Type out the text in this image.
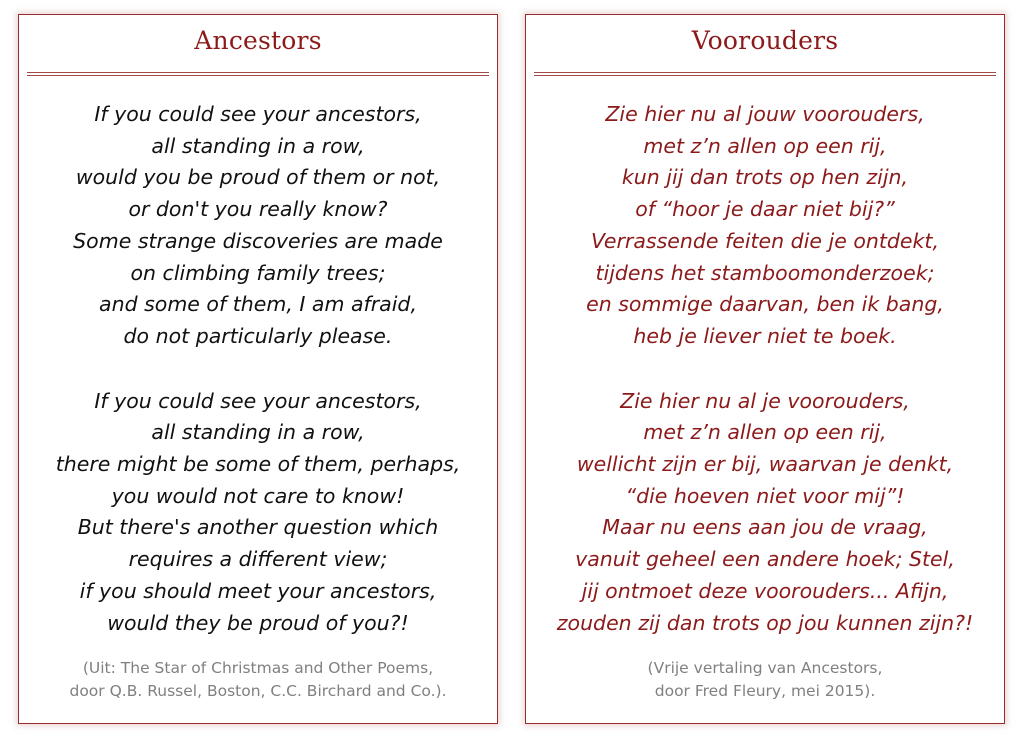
Ancestors
If you could see your ancestors,
all standing in a row,
would you be proud of them or not,
or don't you really know?
Some strange discoveries are made
on climbing family trees;
and some of them, I am afraid,
do not particularly please.
If you could see your ancestors,
all standing in a row,
there might be some of them, perhaps,
you would not care to know!
But there's another question which
requires a different view;
if you should meet your ancestors,
would they be proud of you?!
(Uit: The Star of Christmas and Other Poems,
door Q.B. Russel, Boston, C.C. Birchard and Co.).
Voorouders
Zie hier nu al jouw voorouders,
met z’n allen op een rij,
kun jij dan trots op hen zijn,
of “hoor je daar niet bij?”
Verrassende feiten die je ontdekt,
tijdens het stamboomonderzoek;
en sommige daarvan, ben ik bang,
heb je liever niet te boek.
Zie hier nu al je voorouders,
met z’n allen op een rij,
wellicht zijn er bij, waarvan je denkt,
“die hoeven niet voor mij”!
Maar nu eens aan jou de vraag,
vanuit geheel een andere hoek; Stel,
jij ontmoet deze voorouders... Afijn,
zouden zij dan trots op jou kunnen zijn?!
(Vrije vertaling van Ancestors,
door Fred Fleury, mei 2015).
